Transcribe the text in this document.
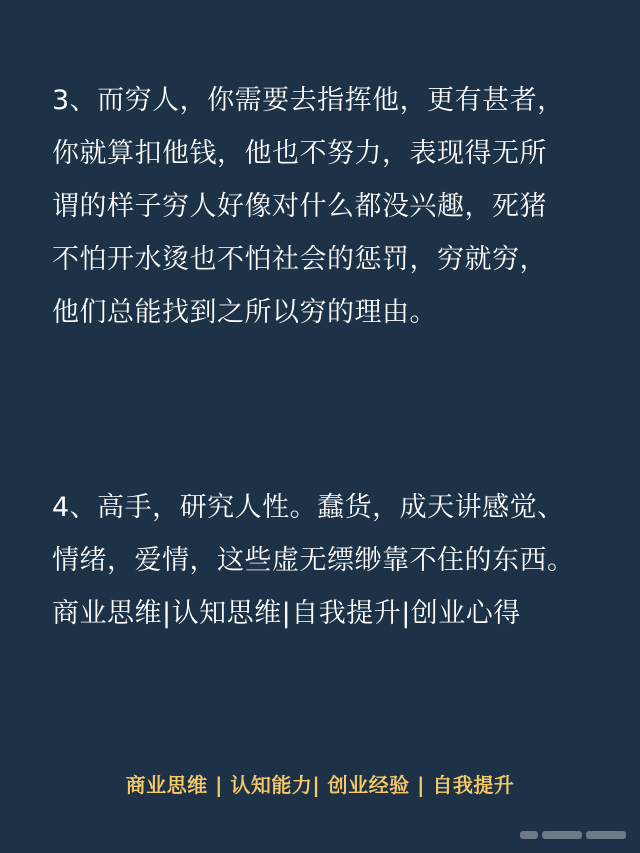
3、而穷人，你需要去指挥他，更有甚者，
你就算扣他钱，他也不努力，表现得无所
谓的样子穷人好像对什么都没兴趣，死猪
不怕开水烫也不怕社会的惩罚，穷就穷，
他们总能找到之所以穷的理由。
4、高手，研究人性。蠢货，成天讲感觉、
情绪，爱情，这些虚无缥缈靠不住的东西。
商业思维|认知思维|自我提升|创业心得
商业思维 | 认知能力| 创业经验 | 自我提升
